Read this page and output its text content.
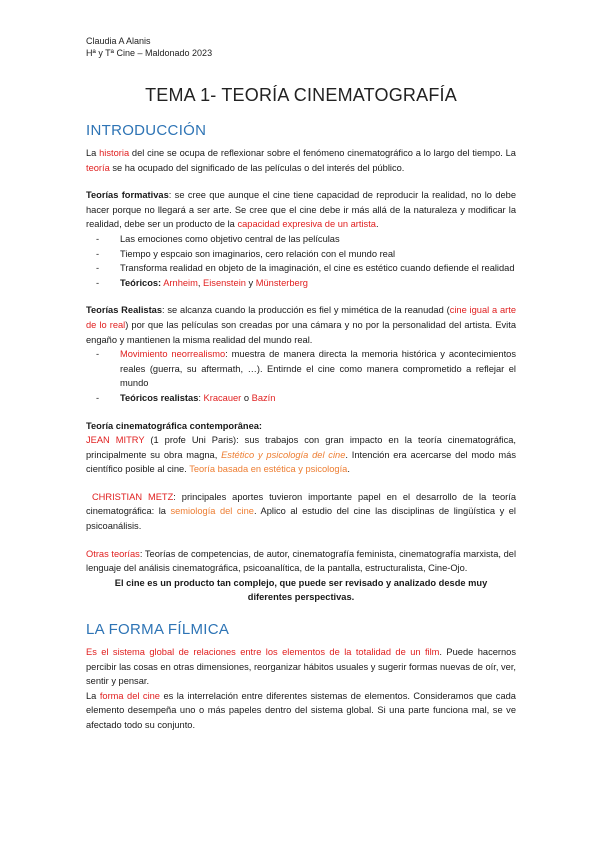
Claudia A Alanis
Hª y Tª Cine – Maldonado 2023
TEMA 1- TEORÍA CINEMATOGRAFÍA
INTRODUCCIÓN

La historia del cine se ocupa de reflexionar sobre el fenómeno cinematográfico a lo largo del tiempo. La teoría se ha ocupado del significado de las películas o del interés del público.

Teorías formativas: se cree que aunque el cine tiene capacidad de reproducir la realidad, no lo debe hacer porque no llegará a ser arte. Se cree que el cine debe ir más allá de la naturaleza y modificar la realidad, debe ser un producto de la capacidad expresiva de un artista.

- Las emociones como objetivo central de las películas
- Tiempo y espcaio son imaginarios, cero relación con el mundo real
- Transforma realidad en objeto de la imaginación, el cine es estético cuando defiende el realidad
- Teóricos: Arnheim, Eisenstein y Münsterberg

Teorías Realistas: se alcanza cuando la producción es fiel y mimética de la reanudad (cine igual a arte de lo real) por que las películas son creadas por una cámara y no por la personalidad del artista. Evita engaño y mantienen la misma realidad del mundo real.

- Movimiento neorrealismo: muestra de manera directa la memoria histórica y acontecimientos reales (guerra, su aftermath, …). Entirnde el cine como manera comprometido a reflejar el mundo
- Teóricos realistas: Kracauer o Bazín

Teoría cinematográfica contemporânea:

JEAN MITRY (1 profe Uni Paris): sus trabajos con gran impacto en la teoría cinematográfica, principalmente su obra magna, Estético y psicología del cine. Intención era acercarse del modo más científico posible al cine. Teoría basada en estética y psicología.

CHRISTIAN METZ: principales aportes tuvieron importante papel en el desarrollo de la teoría cinematográfica: la semiología del cine. Aplico al estudio del cine las disciplinas de lingüística y el psicoanálisis.

Otras teorías: Teorías de competencias, de autor, cinematografía feminista, cinematografía marxista, del lenguaje del análisis cinematográfica, psicoanalítica, de la pantalla, estructuralista, Cine-Ojo.

El cine es un producto tan complejo, que puede ser revisado y analizado desde muy
diferentes perspectivas.

LA FORMA FÍLMICA

Es el sistema global de relaciones entre los elementos de la totalidad de un film. Puede hacernos percibir las cosas en otras dimensiones, reorganizar hábitos usuales y sugerir formas nuevas de oír, ver, sentir y pensar.

La forma del cine es la interrelación entre diferentes sistemas de elementos. Consideramos que cada elemento desempeña uno o más papeles dentro del sistema global. Si una parte funciona mal, se ve afectado todo su conjunto.
